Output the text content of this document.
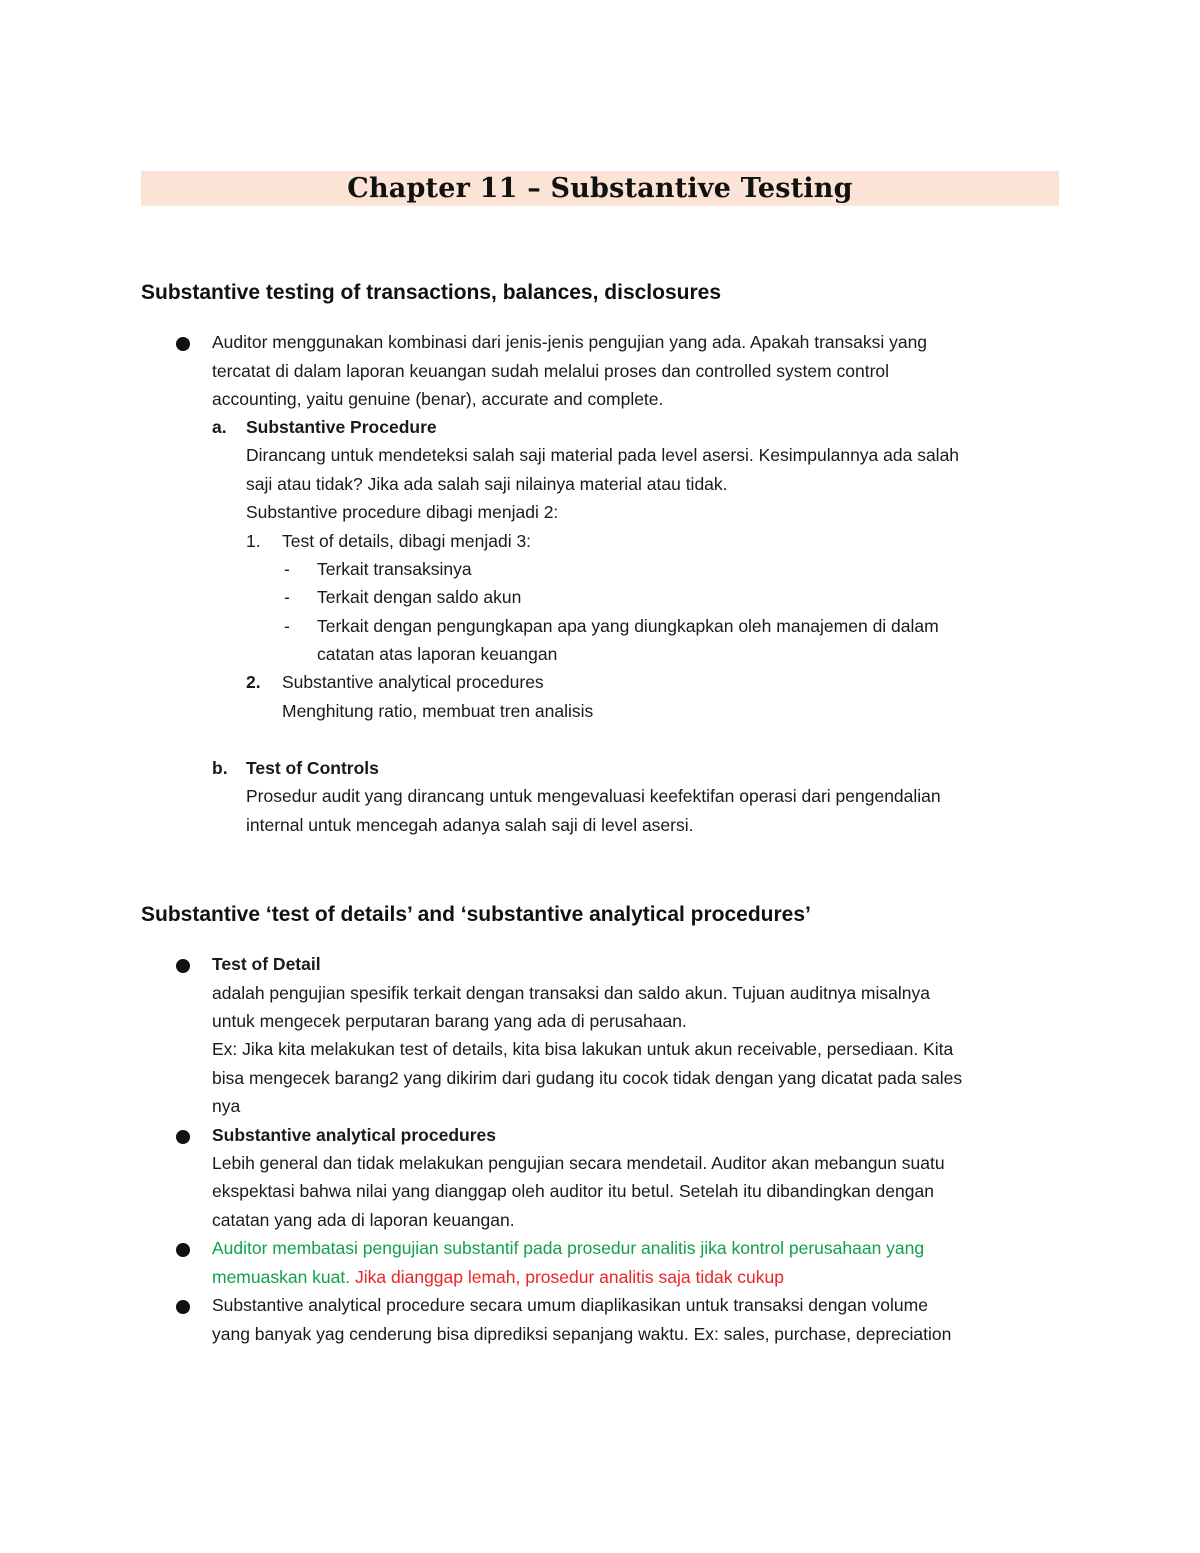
Chapter 11 – Substantive Testing
Substantive testing of transactions, balances, disclosures
Auditor menggunakan kombinasi dari jenis-jenis pengujian yang ada. Apakah transaksi yang
tercatat di dalam laporan keuangan sudah melalui proses dan controlled system control
accounting, yaitu genuine (benar), accurate and complete.
a. Substantive Procedure
Dirancang untuk mendeteksi salah saji material pada level asersi. Kesimpulannya ada salah
saji atau tidak? Jika ada salah saji nilainya material atau tidak.
Substantive procedure dibagi menjadi 2:
1. Test of details, dibagi menjadi 3:
- Terkait transaksinya
- Terkait dengan saldo akun
- Terkait dengan pengungkapan apa yang diungkapkan oleh manajemen di dalam
catatan atas laporan keuangan
2. Substantive analytical procedures
Menghitung ratio, membuat tren analisis
b. Test of Controls
Prosedur audit yang dirancang untuk mengevaluasi keefektifan operasi dari pengendalian
internal untuk mencegah adanya salah saji di level asersi.
Substantive ‘test of details’ and ‘substantive analytical procedures’
Test of Detail
adalah pengujian spesifik terkait dengan transaksi dan saldo akun. Tujuan auditnya misalnya
untuk mengecek perputaran barang yang ada di perusahaan.
Ex: Jika kita melakukan test of details, kita bisa lakukan untuk akun receivable, persediaan. Kita
bisa mengecek barang2 yang dikirim dari gudang itu cocok tidak dengan yang dicatat pada sales
nya
Substantive analytical procedures
Lebih general dan tidak melakukan pengujian secara mendetail. Auditor akan mebangun suatu
ekspektasi bahwa nilai yang dianggap oleh auditor itu betul. Setelah itu dibandingkan dengan
catatan yang ada di laporan keuangan.
Auditor membatasi pengujian substantif pada prosedur analitis jika kontrol perusahaan yang
memuaskan kuat. Jika dianggap lemah, prosedur analitis saja tidak cukup
Substantive analytical procedure secara umum diaplikasikan untuk transaksi dengan volume
yang banyak yag cenderung bisa diprediksi sepanjang waktu. Ex: sales, purchase, depreciation
